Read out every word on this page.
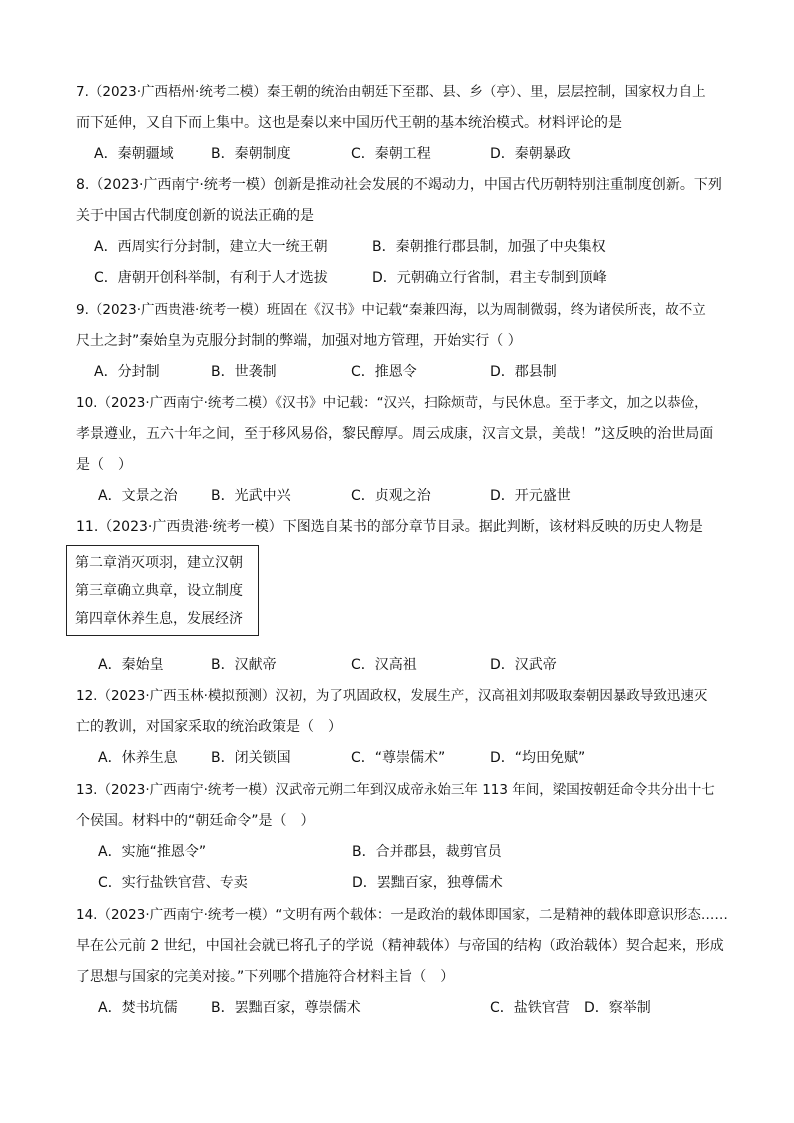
7.（2023·广西梧州·统考二模）秦王朝的统治由朝廷下至郡、县、乡（亭）、里，层层控制，国家权力自上
而下延伸，又自下而上集中。这也是秦以来中国历代王朝的基本统治模式。材料评论的是
A．秦朝疆域	B．秦朝制度	C．秦朝工程	D．秦朝暴政
8.（2023·广西南宁·统考一模）创新是推动社会发展的不竭动力，中国古代历朝特别注重制度创新。下列
关于中国古代制度创新的说法正确的是
A．西周实行分封制，建立大一统王朝	B．秦朝推行郡县制，加强了中央集权
C．唐朝开创科举制，有利于人才选拔	D．元朝确立行省制，君主专制到顶峰
9.（2023·广西贵港·统考一模）班固在《汉书》中记载“秦兼四海，以为周制微弱，终为诸侯所丧，故不立
尺土之封”秦始皇为克服分封制的弊端，加强对地方管理，开始实行（ ）
A．分封制	B．世袭制	C．推恩令	D．郡县制
10.（2023·广西南宁·统考二模）《汉书》中记载：“汉兴，扫除烦苛，与民休息。至于孝文，加之以恭俭，
孝景遵业，五六十年之间，至于移风易俗，黎民醇厚。周云成康，汉言文景，美哉！”这反映的治世局面
是（　）
A．文景之治 B．光武中兴	C．贞观之治	D．开元盛世
11.（2023·广西贵港·统考一模）下图选自某书的部分章节目录。据此判断，该材料反映的历史人物是
第二章消灭项羽，建立汉朝
第三章确立典章，设立制度
第四章休养生息，发展经济
A．秦始皇	B．汉献帝	C．汉高祖	D．汉武帝
12.（2023·广西玉林·模拟预测）汉初，为了巩固政权，发展生产，汉高祖刘邦吸取秦朝因暴政导致迅速灭
亡的教训，对国家采取的统治政策是（　）
A．休养生息 B．闭关锁国	C．“尊崇儒术”	D．“均田免赋”
13.（2023·广西南宁·统考一模）汉武帝元朔二年到汉成帝永始三年 113 年间，梁国按朝廷命令共分出十七
个侯国。材料中的“朝廷命令”是（　）
A．实施“推恩令”	B．合并郡县，裁剪官员
C．实行盐铁官营、专卖	D．罢黜百家，独尊儒术
14.（2023·广西南宁·统考一模）“文明有两个载体：一是政治的载体即国家，二是精神的载体即意识形态……
早在公元前 2 世纪，中国社会就已将孔子的学说（精神载体）与帝国的结构（政治载体）契合起来，形成
了思想与国家的完美对接。”下列哪个措施符合材料主旨（　）
A．焚书坑儒 B．罢黜百家，尊崇儒术	C．盐铁官营 D．察举制
